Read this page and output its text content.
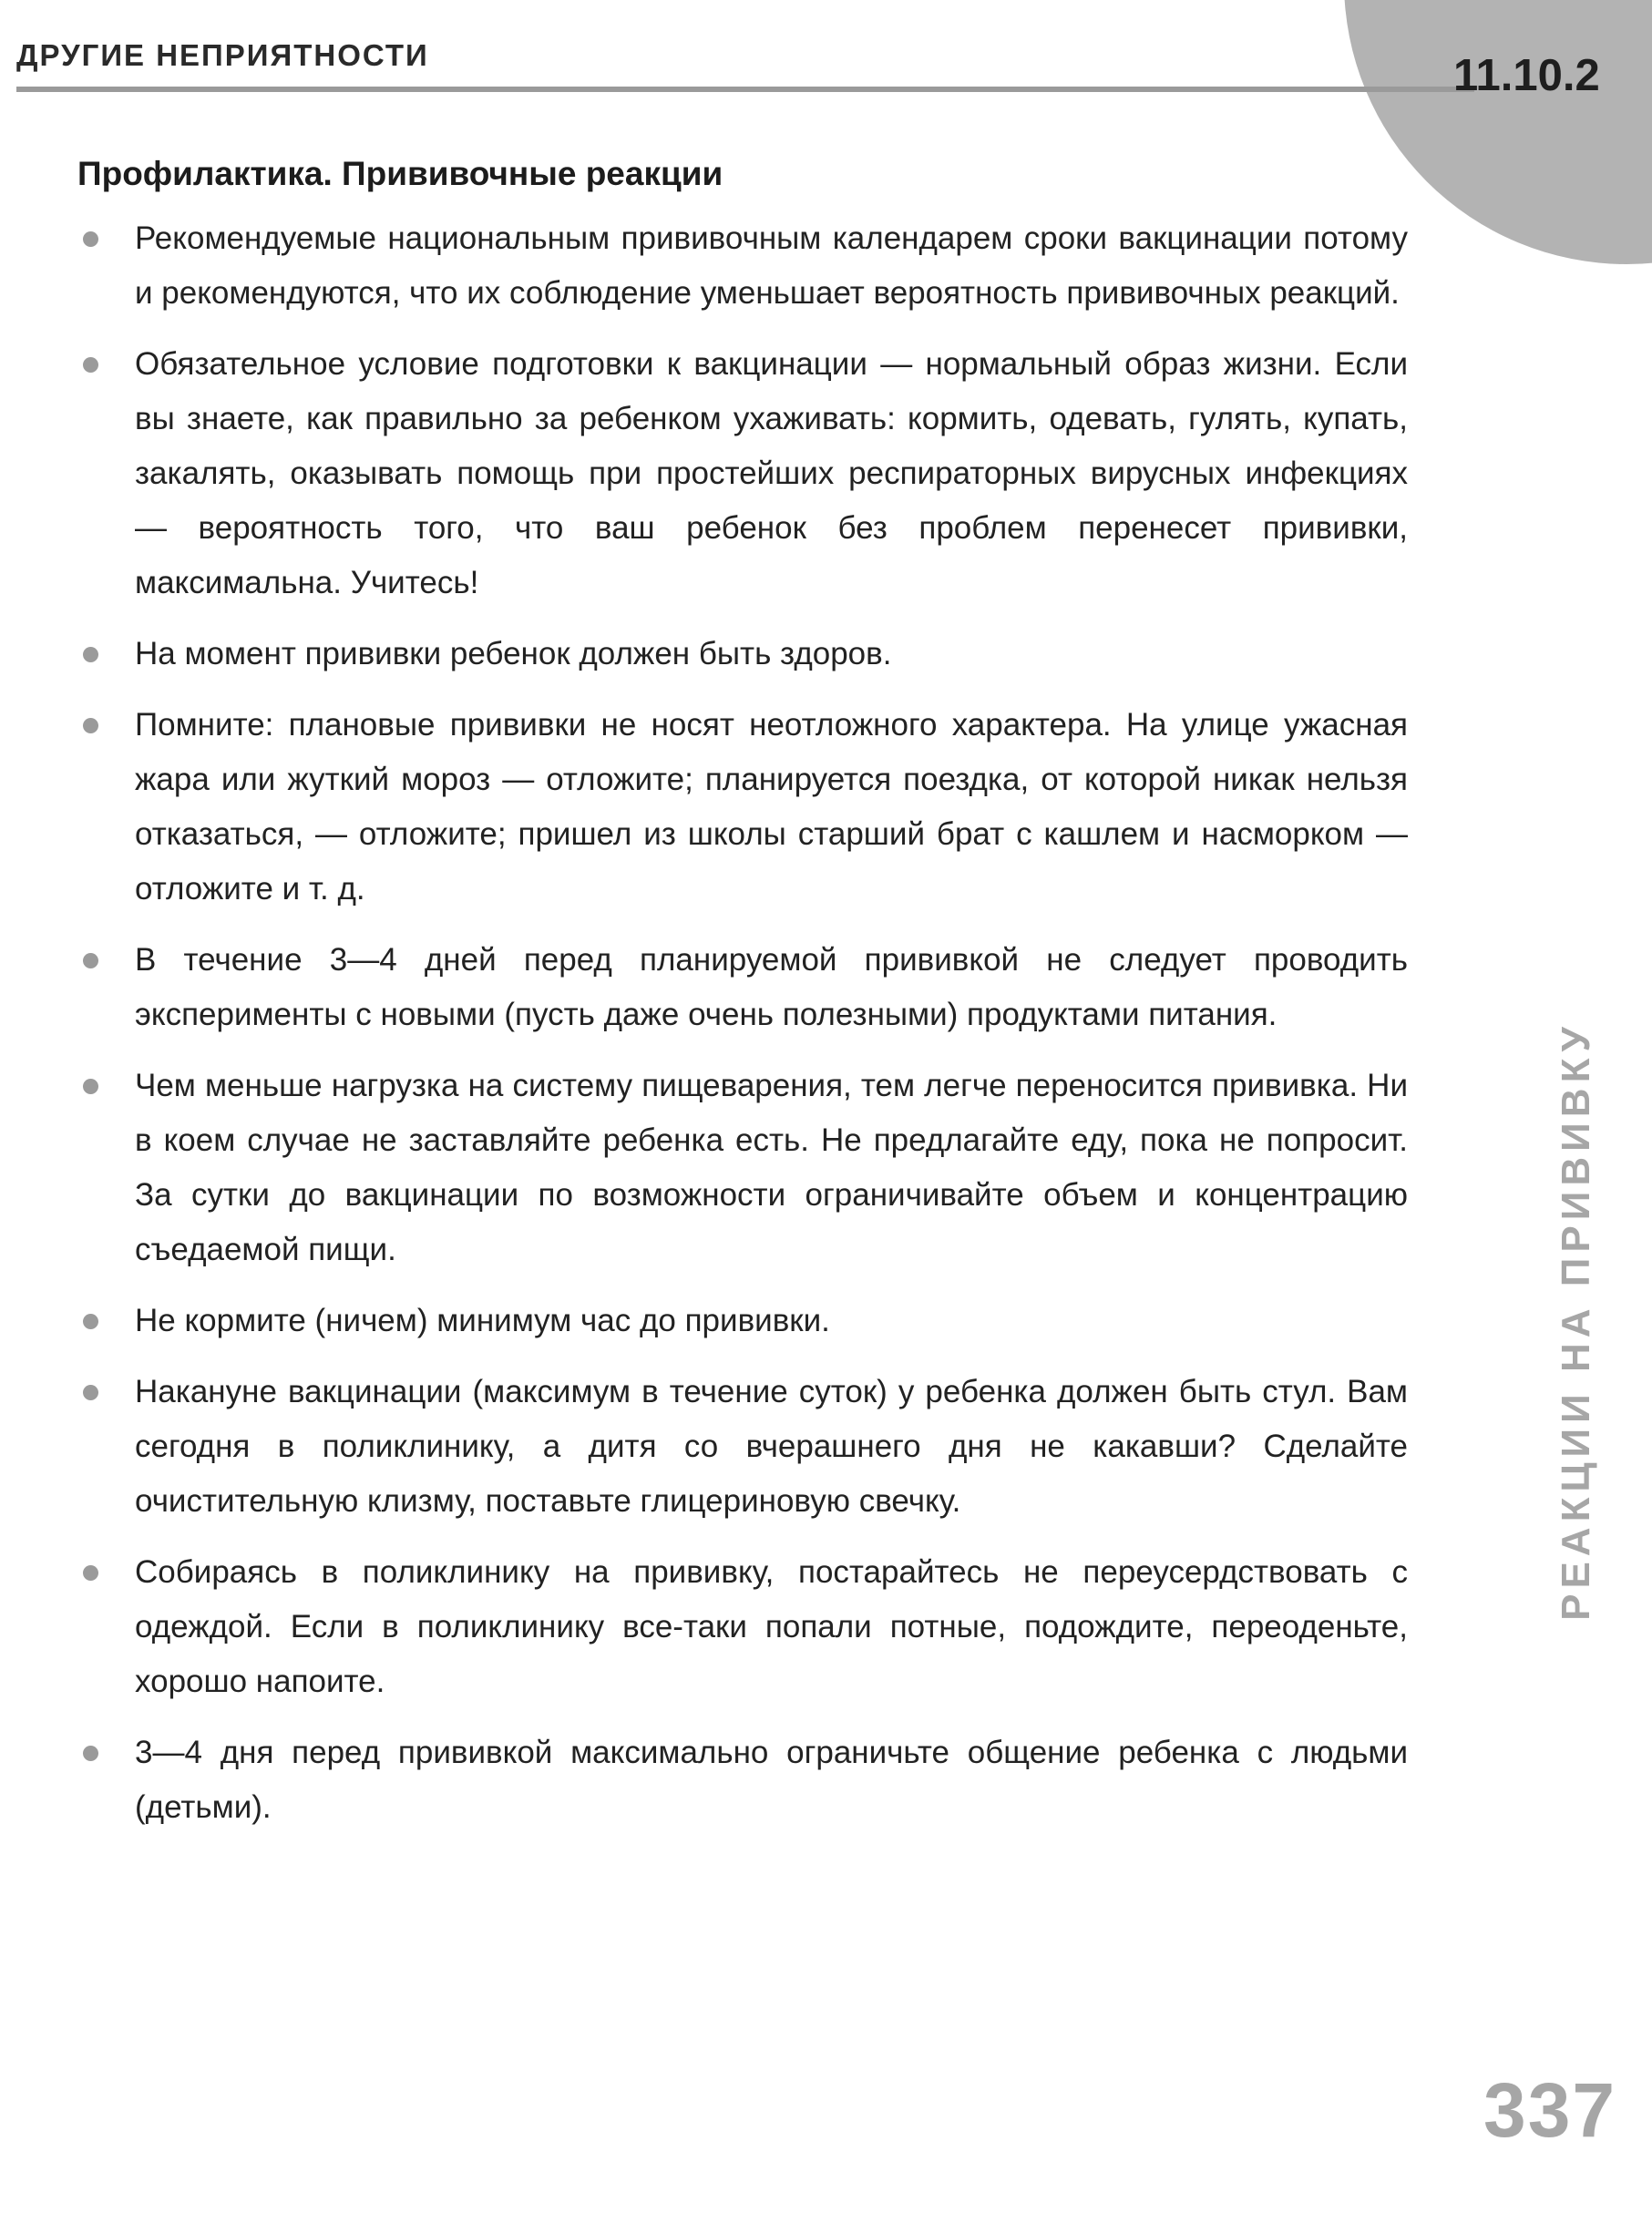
ДРУГИЕ НЕПРИЯТНОСТИ	11.10.2
РЕАКЦИИ НА ПРИВИВКУ
Профилактика. Прививочные реакции
Рекомендуемые национальным прививочным календарем сроки вакцинации потому и рекомендуются, что их соблюдение уменьшает вероятность прививочных реакций.
Обязательное условие подготовки к вакцинации — нормальный образ жизни. Если вы знаете, как правильно за ребенком ухаживать: кормить, одевать, гулять, купать, закалять, оказывать помощь при простейших респираторных вирусных инфекциях — вероятность того, что ваш ребенок без проблем перенесет прививки, максимальна. Учитесь!
На момент прививки ребенок должен быть здоров.
Помните: плановые прививки не носят неотложного характера. На улице ужасная жара или жуткий мороз — отложите; планируется поездка, от которой никак нельзя отказаться, — отложите; пришел из школы старший брат с кашлем и насморком — отложите и т. д.
В течение 3—4 дней перед планируемой прививкой не следует проводить эксперименты с новыми (пусть даже очень полезными) продуктами питания.
Чем меньше нагрузка на систему пищеварения, тем легче переносится прививка. Ни в коем случае не заставляйте ребенка есть. Не предлагайте еду, пока не попросит. За сутки до вакцинации по возможности ограничивайте объем и концентрацию съедаемой пищи.
Не кормите (ничем) минимум час до прививки.
Накануне вакцинации (максимум в течение суток) у ребенка должен быть стул. Вам сегодня в поликлинику, а дитя со вчерашнего дня не какавши? Сделайте очистительную клизму, поставьте глицериновую свечку.
Собираясь в поликлинику на прививку, постарайтесь не переусердствовать с одеждой. Если в поликлинику все-таки попали потные, подождите, переоденьте, хорошо напоите.
3—4 дня перед прививкой максимально ограничьте общение ребенка с людьми (детьми).
337
